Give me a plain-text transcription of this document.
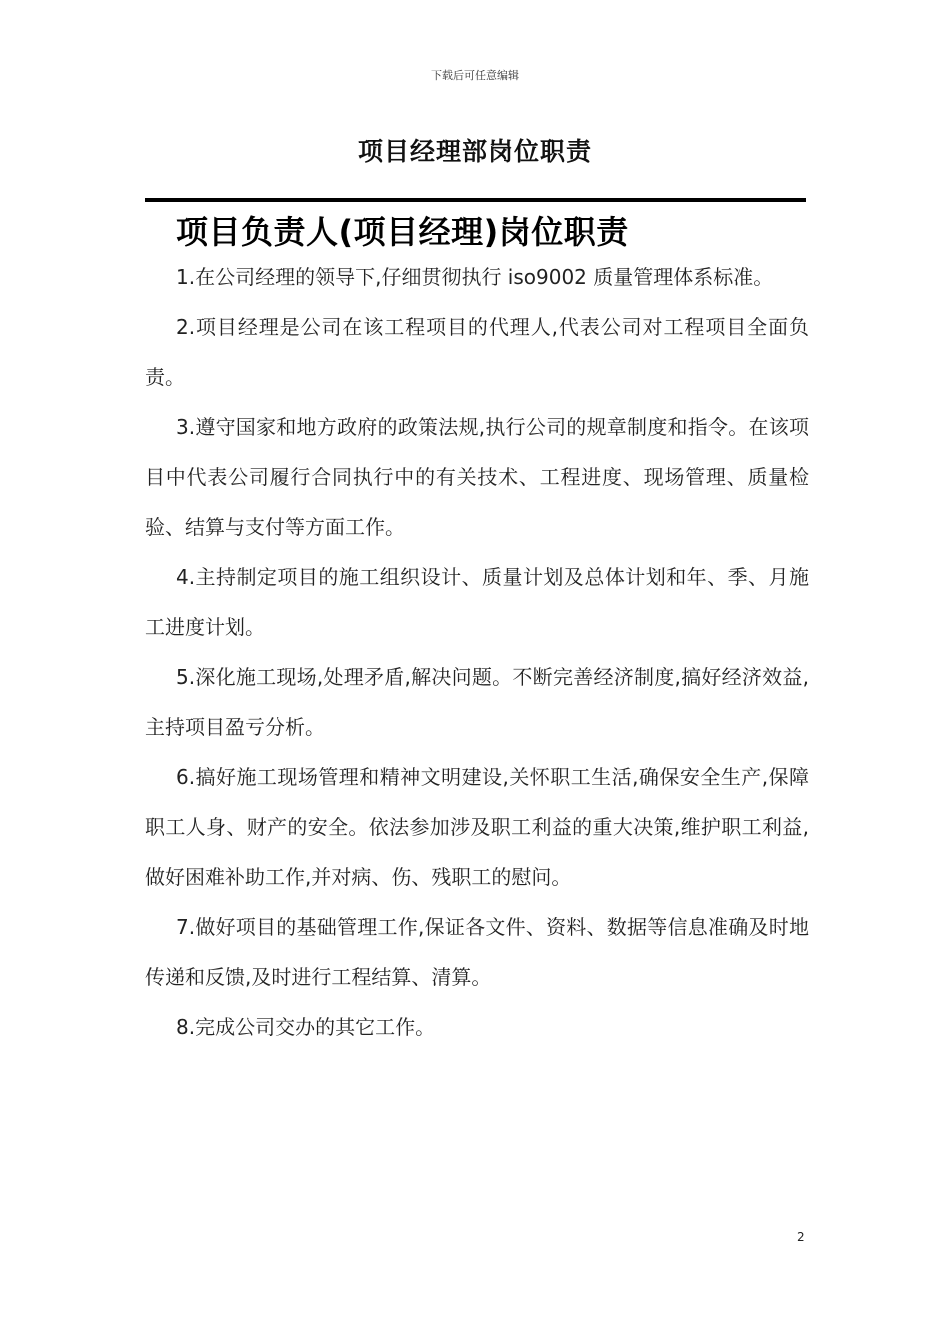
下载后可任意编辑
项目经理部岗位职责
项目负责人(项目经理)岗位职责

1.在公司经理的领导下,仔细贯彻执行 iso9002 质量管理体系标准。

2.项目经理是公司在该工程项目的代理人,代表公司对工程项目全面负责。

3.遵守国家和地方政府的政策法规,执行公司的规章制度和指令。在该项目中代表公司履行合同执行中的有关技术、工程进度、现场管理、质量检验、结算与支付等方面工作。

4.主持制定项目的施工组织设计、质量计划及总体计划和年、季、月施工进度计划。

5.深化施工现场,处理矛盾,解决问题。不断完善经济制度,搞好经济效益,主持项目盈亏分析。

6.搞好施工现场管理和精神文明建设,关怀职工生活,确保安全生产,保障职工人身、财产的安全。依法参加涉及职工利益的重大决策,维护职工利益,做好困难补助工作,并对病、伤、残职工的慰问。

7.做好项目的基础管理工作,保证各文件、资料、数据等信息准确及时地传递和反馈,及时进行工程结算、清算。

8.完成公司交办的其它工作。

2
